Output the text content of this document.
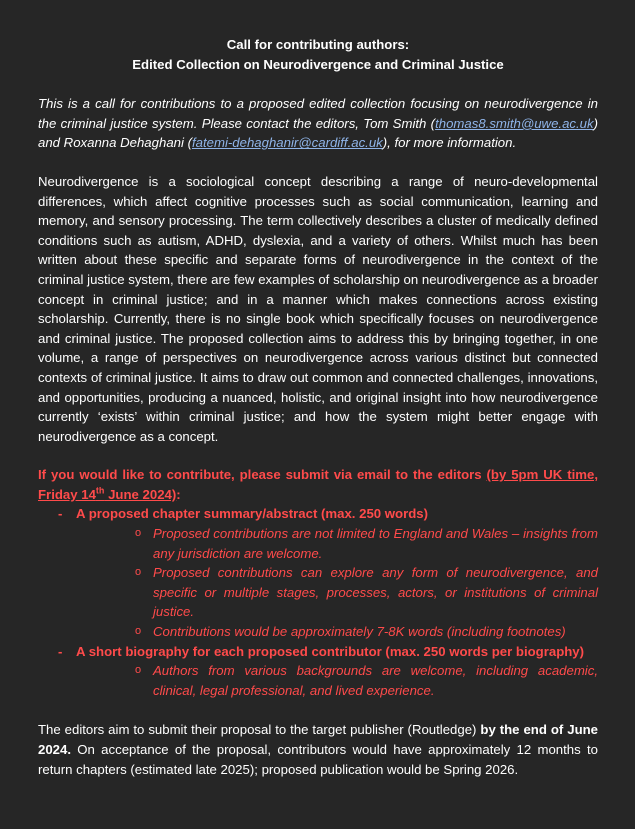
Call for contributing authors:

Edited Collection on Neurodivergence and Criminal Justice

This is a call for contributions to a proposed edited collection focusing on neurodivergence in the criminal justice system. Please contact the editors, Tom Smith (thomas8.smith@uwe.ac.uk) and Roxanna Dehaghani (fatemi-dehaghanir@cardiff.ac.uk), for more information.

Neurodivergence is a sociological concept describing a range of neuro-developmental differences, which affect cognitive processes such as social communication, learning and memory, and sensory processing. The term collectively describes a cluster of medically defined conditions such as autism, ADHD, dyslexia, and a variety of others. Whilst much has been written about these specific and separate forms of neurodivergence in the context of the criminal justice system, there are few examples of scholarship on neurodivergence as a broader concept in criminal justice; and in a manner which makes connections across existing scholarship. Currently, there is no single book which specifically focuses on neurodivergence and criminal justice. The proposed collection aims to address this by bringing together, in one volume, a range of perspectives on neurodivergence across various distinct but connected contexts of criminal justice. It aims to draw out common and connected challenges, innovations, and opportunities, producing a nuanced, holistic, and original insight into how neurodivergence currently ‘exists’ within criminal justice; and how the system might better engage with neurodivergence as a concept.

If you would like to contribute, please submit via email to the editors (by 5pm UK time, Friday 14th June 2024):

- A proposed chapter summary/abstract (max. 250 words)
o Proposed contributions are not limited to England and Wales – insights from any jurisdiction are welcome.
o Proposed contributions can explore any form of neurodivergence, and specific or multiple stages, processes, actors, or institutions of criminal justice.
o Contributions would be approximately 7-8K words (including footnotes)
- A short biography for each proposed contributor (max. 250 words per biography)
o Authors from various backgrounds are welcome, including academic, clinical, legal professional, and lived experience.

The editors aim to submit their proposal to the target publisher (Routledge) by the end of June 2024. On acceptance of the proposal, contributors would have approximately 12 months to return chapters (estimated late 2025); proposed publication would be Spring 2026.
